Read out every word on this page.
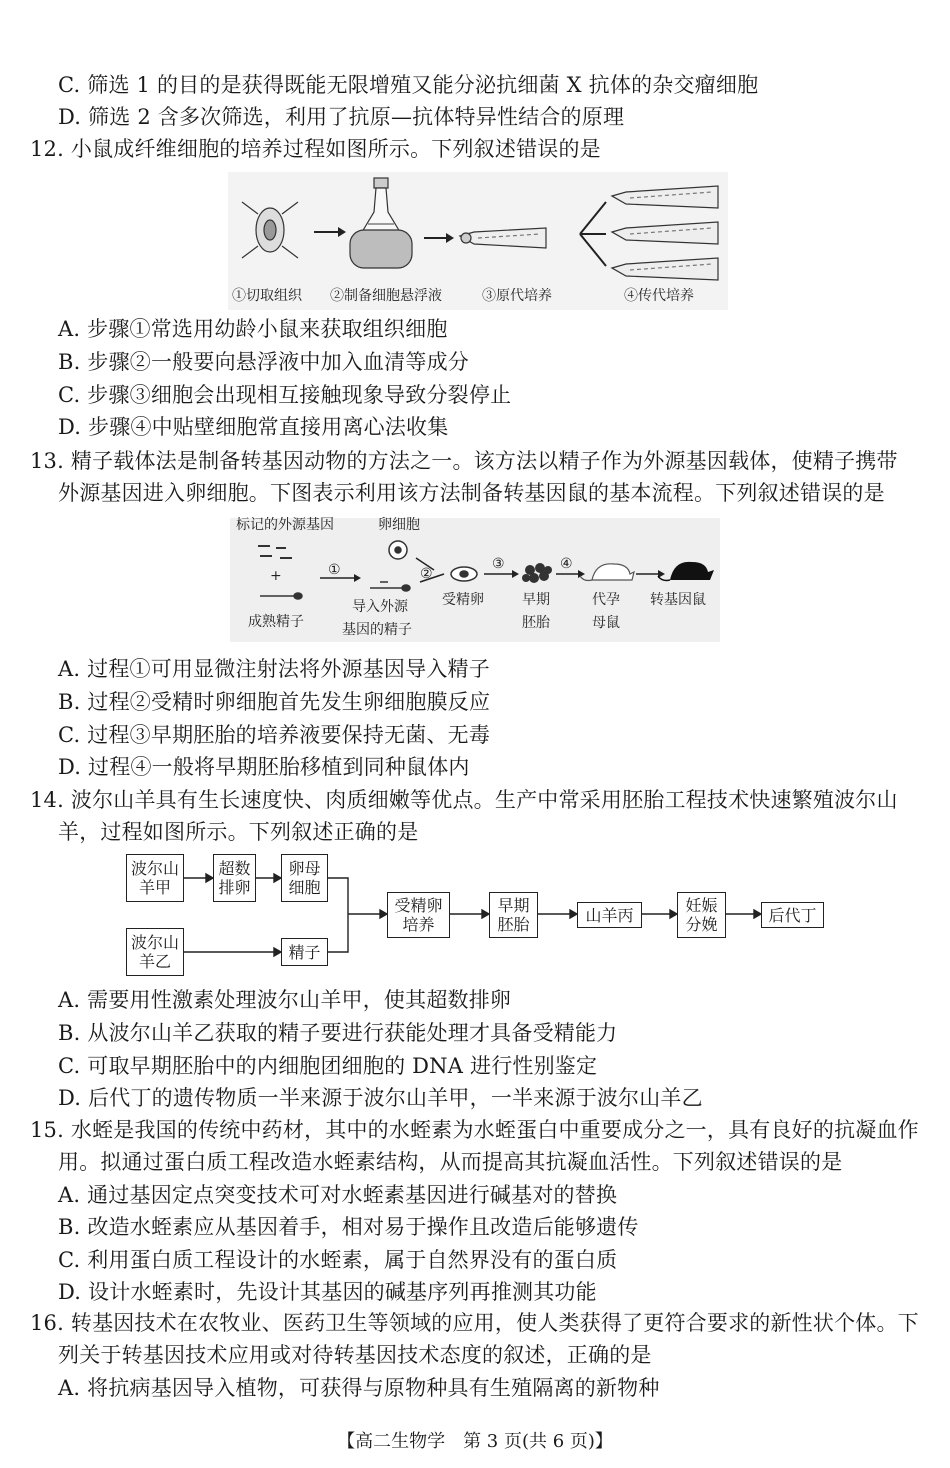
C. 筛选 1 的目的是获得既能无限增殖又能分泌抗细菌 X 抗体的杂交瘤细胞
D. 筛选 2 含多次筛选，利用了抗原—抗体特异性结合的原理
12. 小鼠成纤维细胞的培养过程如图所示。下列叙述错误的是
①切取组织 ②制备细胞悬浮液	③原代培养	④传代培养
A. 步骤①常选用幼龄小鼠来获取组织细胞
B. 步骤②一般要向悬浮液中加入血清等成分
C. 步骤③细胞会出现相互接触现象导致分裂停止
D. 步骤④中贴壁细胞常直接用离心法收集
13. 精子载体法是制备转基因动物的方法之一。该方法以精子作为外源基因载体，使精子携带
外源基因进入卵细胞。下图表示利用该方法制备转基因鼠的基本流程。下列叙述错误的是
标记的外源基因	卵细胞
+
成熟精子
①
导入外源
基因的精子
②
受精卵
③
早期
胚胎
④
代孕
母鼠
转基因鼠
A. 过程①可用显微注射法将外源基因导入精子
B. 过程②受精时卵细胞首先发生卵细胞膜反应
C. 过程③早期胚胎的培养液要保持无菌、无毒
D. 过程④一般将早期胚胎移植到同种鼠体内
14. 波尔山羊具有生长速度快、肉质细嫩等优点。生产中常采用胚胎工程技术快速繁殖波尔山
羊，过程如图所示。下列叙述正确的是
波尔山羊甲
超数排卵
卵母细胞
波尔山羊乙	精子
受精卵培养
早期胚胎	山羊丙	妊娠分娩	后代丁
A. 需要用性激素处理波尔山羊甲，使其超数排卵
B. 从波尔山羊乙获取的精子要进行获能处理才具备受精能力
C. 可取早期胚胎中的内细胞团细胞的 DNA 进行性别鉴定
D. 后代丁的遗传物质一半来源于波尔山羊甲，一半来源于波尔山羊乙
15. 水蛭是我国的传统中药材，其中的水蛭素为水蛭蛋白中重要成分之一，具有良好的抗凝血作
用。拟通过蛋白质工程改造水蛭素结构，从而提高其抗凝血活性。下列叙述错误的是
A. 通过基因定点突变技术可对水蛭素基因进行碱基对的替换
B. 改造水蛭素应从基因着手，相对易于操作且改造后能够遗传
C. 利用蛋白质工程设计的水蛭素，属于自然界没有的蛋白质
D. 设计水蛭素时，先设计其基因的碱基序列再推测其功能
16. 转基因技术在农牧业、医药卫生等领域的应用，使人类获得了更符合要求的新性状个体。下
列关于转基因技术应用或对待转基因技术态度的叙述，正确的是
A. 将抗病基因导入植物，可获得与原物种具有生殖隔离的新物种
【高二生物学　第 3 页(共 6 页)】
